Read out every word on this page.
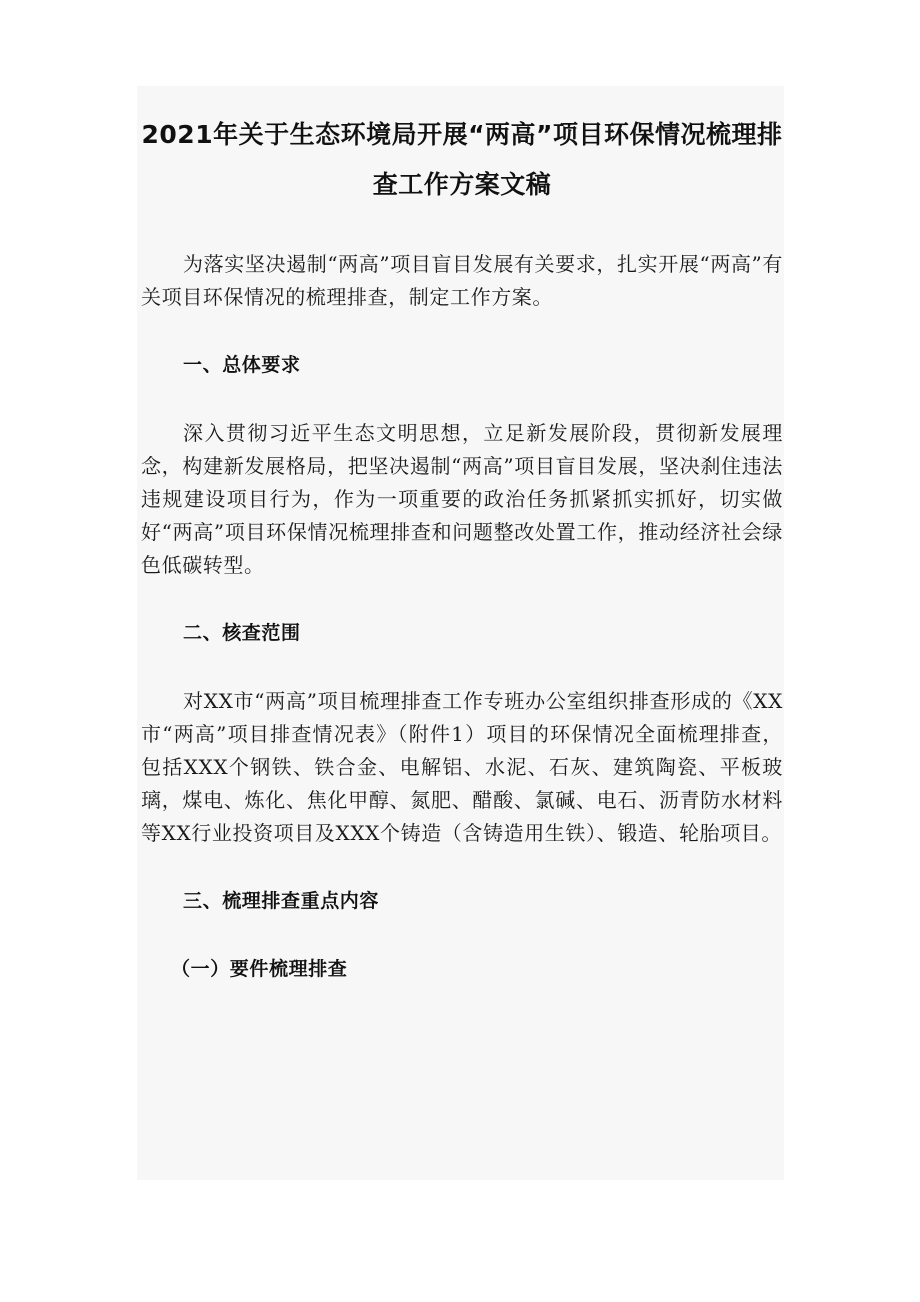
2021年关于生态环境局开展“两高”项目环保情况梳理排查工作方案文稿

为落实坚决遏制“两高”项目盲目发展有关要求，扎实开展“两高”有关项目环保情况的梳理排查，制定工作方案。

一、总体要求

深入贯彻习近平生态文明思想，立足新发展阶段，贯彻新发展理念，构建新发展格局，把坚决遏制“两高”项目盲目发展，坚决刹住违法违规建设项目行为，作为一项重要的政治任务抓紧抓实抓好，切实做好“两高”项目环保情况梳理排查和问题整改处置工作，推动经济社会绿色低碳转型。

二、核查范围

对XX市“两高”项目梳理排查工作专班办公室组织排查形成的《XX市“两高”项目排查情况表》（附件1）项目的环保情况全面梳理排查，包括XXX个钢铁、铁合金、电解铝、水泥、石灰、建筑陶瓷、平板玻璃，煤电、炼化、焦化甲醇、氮肥、醋酸、氯碱、电石、沥青防水材料等XX行业投资项目及XXX个铸造（含铸造用生铁）、锻造、轮胎项目。

三、梳理排查重点内容
（一）要件梳理排查
